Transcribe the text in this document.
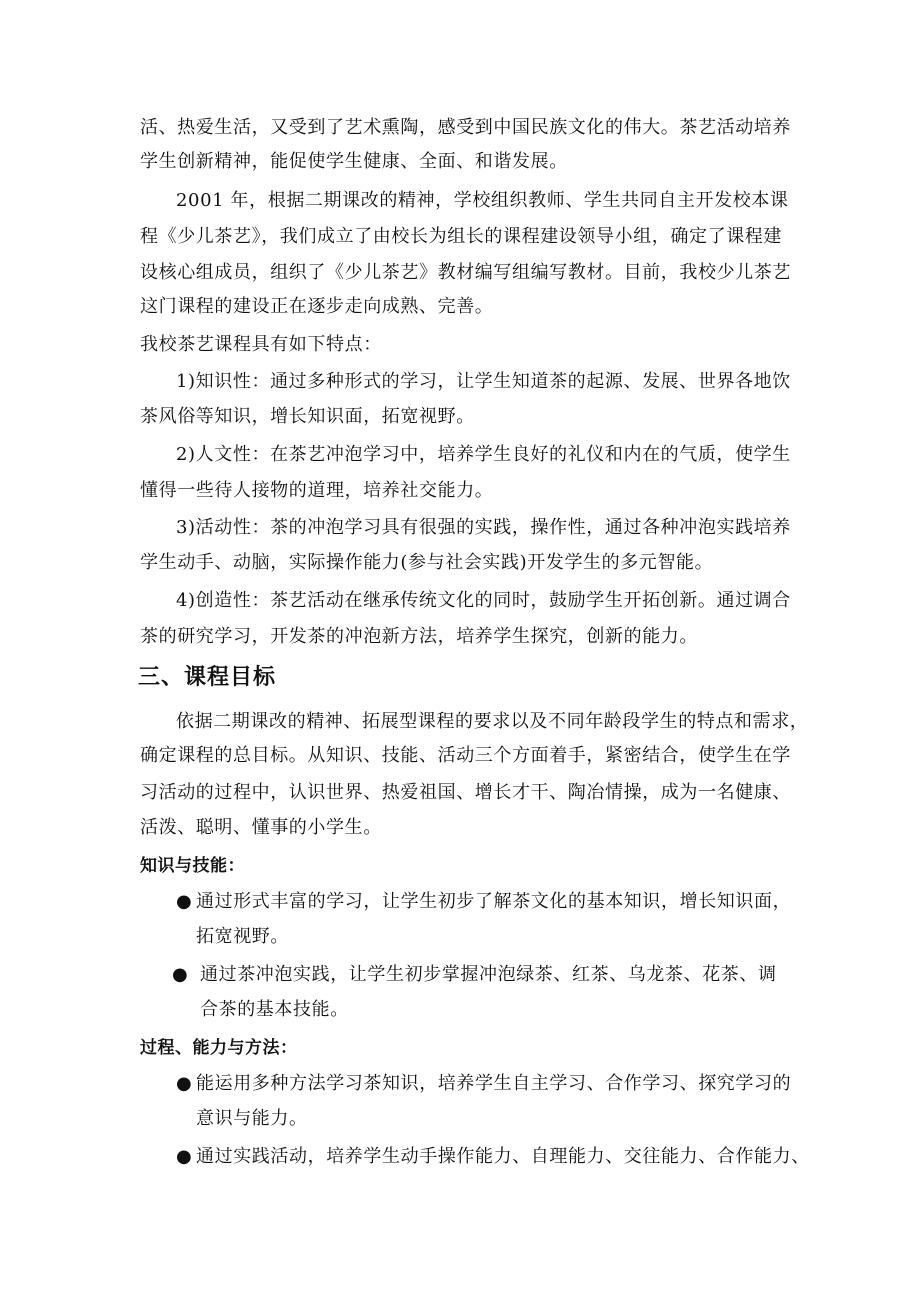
活、热爱生活，又受到了艺术熏陶，感受到中国民族文化的伟大。茶艺活动培养
学生创新精神，能促使学生健康、全面、和谐发展。
2001 年，根据二期课改的精神，学校组织教师、学生共同自主开发校本课
程《少儿茶艺》，我们成立了由校长为组长的课程建设领导小组，确定了课程建
设核心组成员，组织了《少儿茶艺》教材编写组编写教材。目前，我校少儿茶艺
这门课程的建设正在逐步走向成熟、完善。
我校茶艺课程具有如下特点：
1)知识性：通过多种形式的学习，让学生知道茶的起源、发展、世界各地饮
茶风俗等知识，增长知识面，拓宽视野。
2)人文性：在茶艺冲泡学习中，培养学生良好的礼仪和内在的气质，使学生
懂得一些待人接物的道理，培养社交能力。
3)活动性：茶的冲泡学习具有很强的实践，操作性，通过各种冲泡实践培养
学生动手、动脑，实际操作能力(参与社会实践)开发学生的多元智能。
4)创造性：茶艺活动在继承传统文化的同时，鼓励学生开拓创新。通过调合
茶的研究学习，开发茶的冲泡新方法，培养学生探究，创新的能力。
三、课程目标
依据二期课改的精神、拓展型课程的要求以及不同年龄段学生的特点和需求，
确定课程的总目标。从知识、技能、活动三个方面着手，紧密结合，使学生在学
习活动的过程中，认识世界、热爱祖国、增长才干、陶冶情操，成为一名健康、
活泼、聪明、懂事的小学生。
知识与技能：
● 通过形式丰富的学习，让学生初步了解茶文化的基本知识，增长知识面，
拓宽视野。
● 通过茶冲泡实践，让学生初步掌握冲泡绿茶、红茶、乌龙茶、花茶、调
合茶的基本技能。
过程、能力与方法：
● 能运用多种方法学习茶知识，培养学生自主学习、合作学习、探究学习的
意识与能力。
● 通过实践活动，培养学生动手操作能力、自理能力、交往能力、合作能力、
